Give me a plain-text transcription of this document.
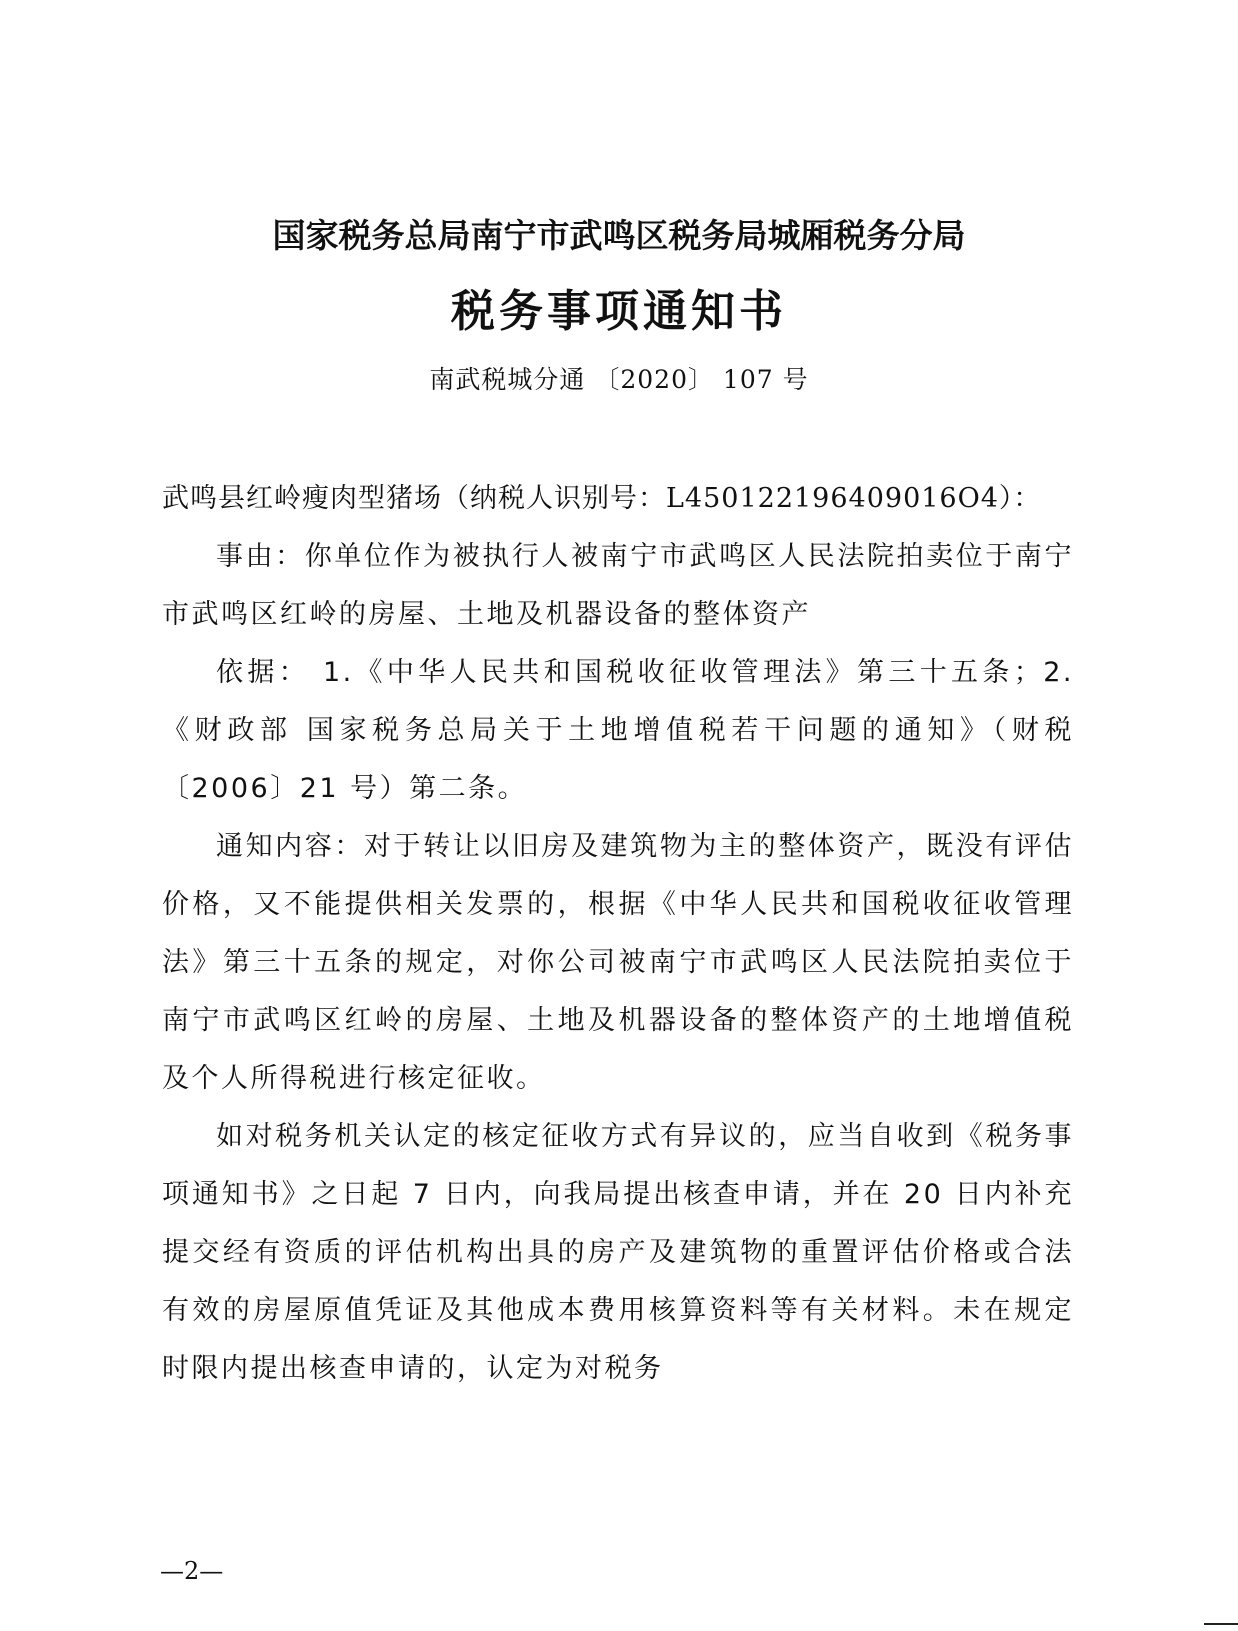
国家税务总局南宁市武鸣区税务局城厢税务分局
税务事项通知书
南武税城分通 〔2020〕 107 号

武鸣县红岭瘦肉型猪场（纳税人识别号：L450122196409016O4）：

事由：你单位作为被执行人被南宁市武鸣区人民法院拍卖位于南宁市武鸣区红岭的房屋、土地及机器设备的整体资产

依据： 1.《中华人民共和国税收征收管理法》第三十五条；2.《财政部 国家税务总局关于土地增值税若干问题的通知》（财税〔2006〕21 号）第二条。

通知内容：对于转让以旧房及建筑物为主的整体资产，既没有评估价格，又不能提供相关发票的，根据《中华人民共和国税收征收管理法》第三十五条的规定，对你公司被南宁市武鸣区人民法院拍卖位于南宁市武鸣区红岭的房屋、土地及机器设备的整体资产的土地增值税及个人所得税进行核定征收。

如对税务机关认定的核定征收方式有异议的，应当自收到《税务事项通知书》之日起 7 日内，向我局提出核查申请，并在 20 日内补充提交经有资质的评估机构出具的房产及建筑物的重置评估价格或合法有效的房屋原值凭证及其他成本费用核算资料等有关材料。未在规定时限内提出核查申请的，认定为对税务

—2—
